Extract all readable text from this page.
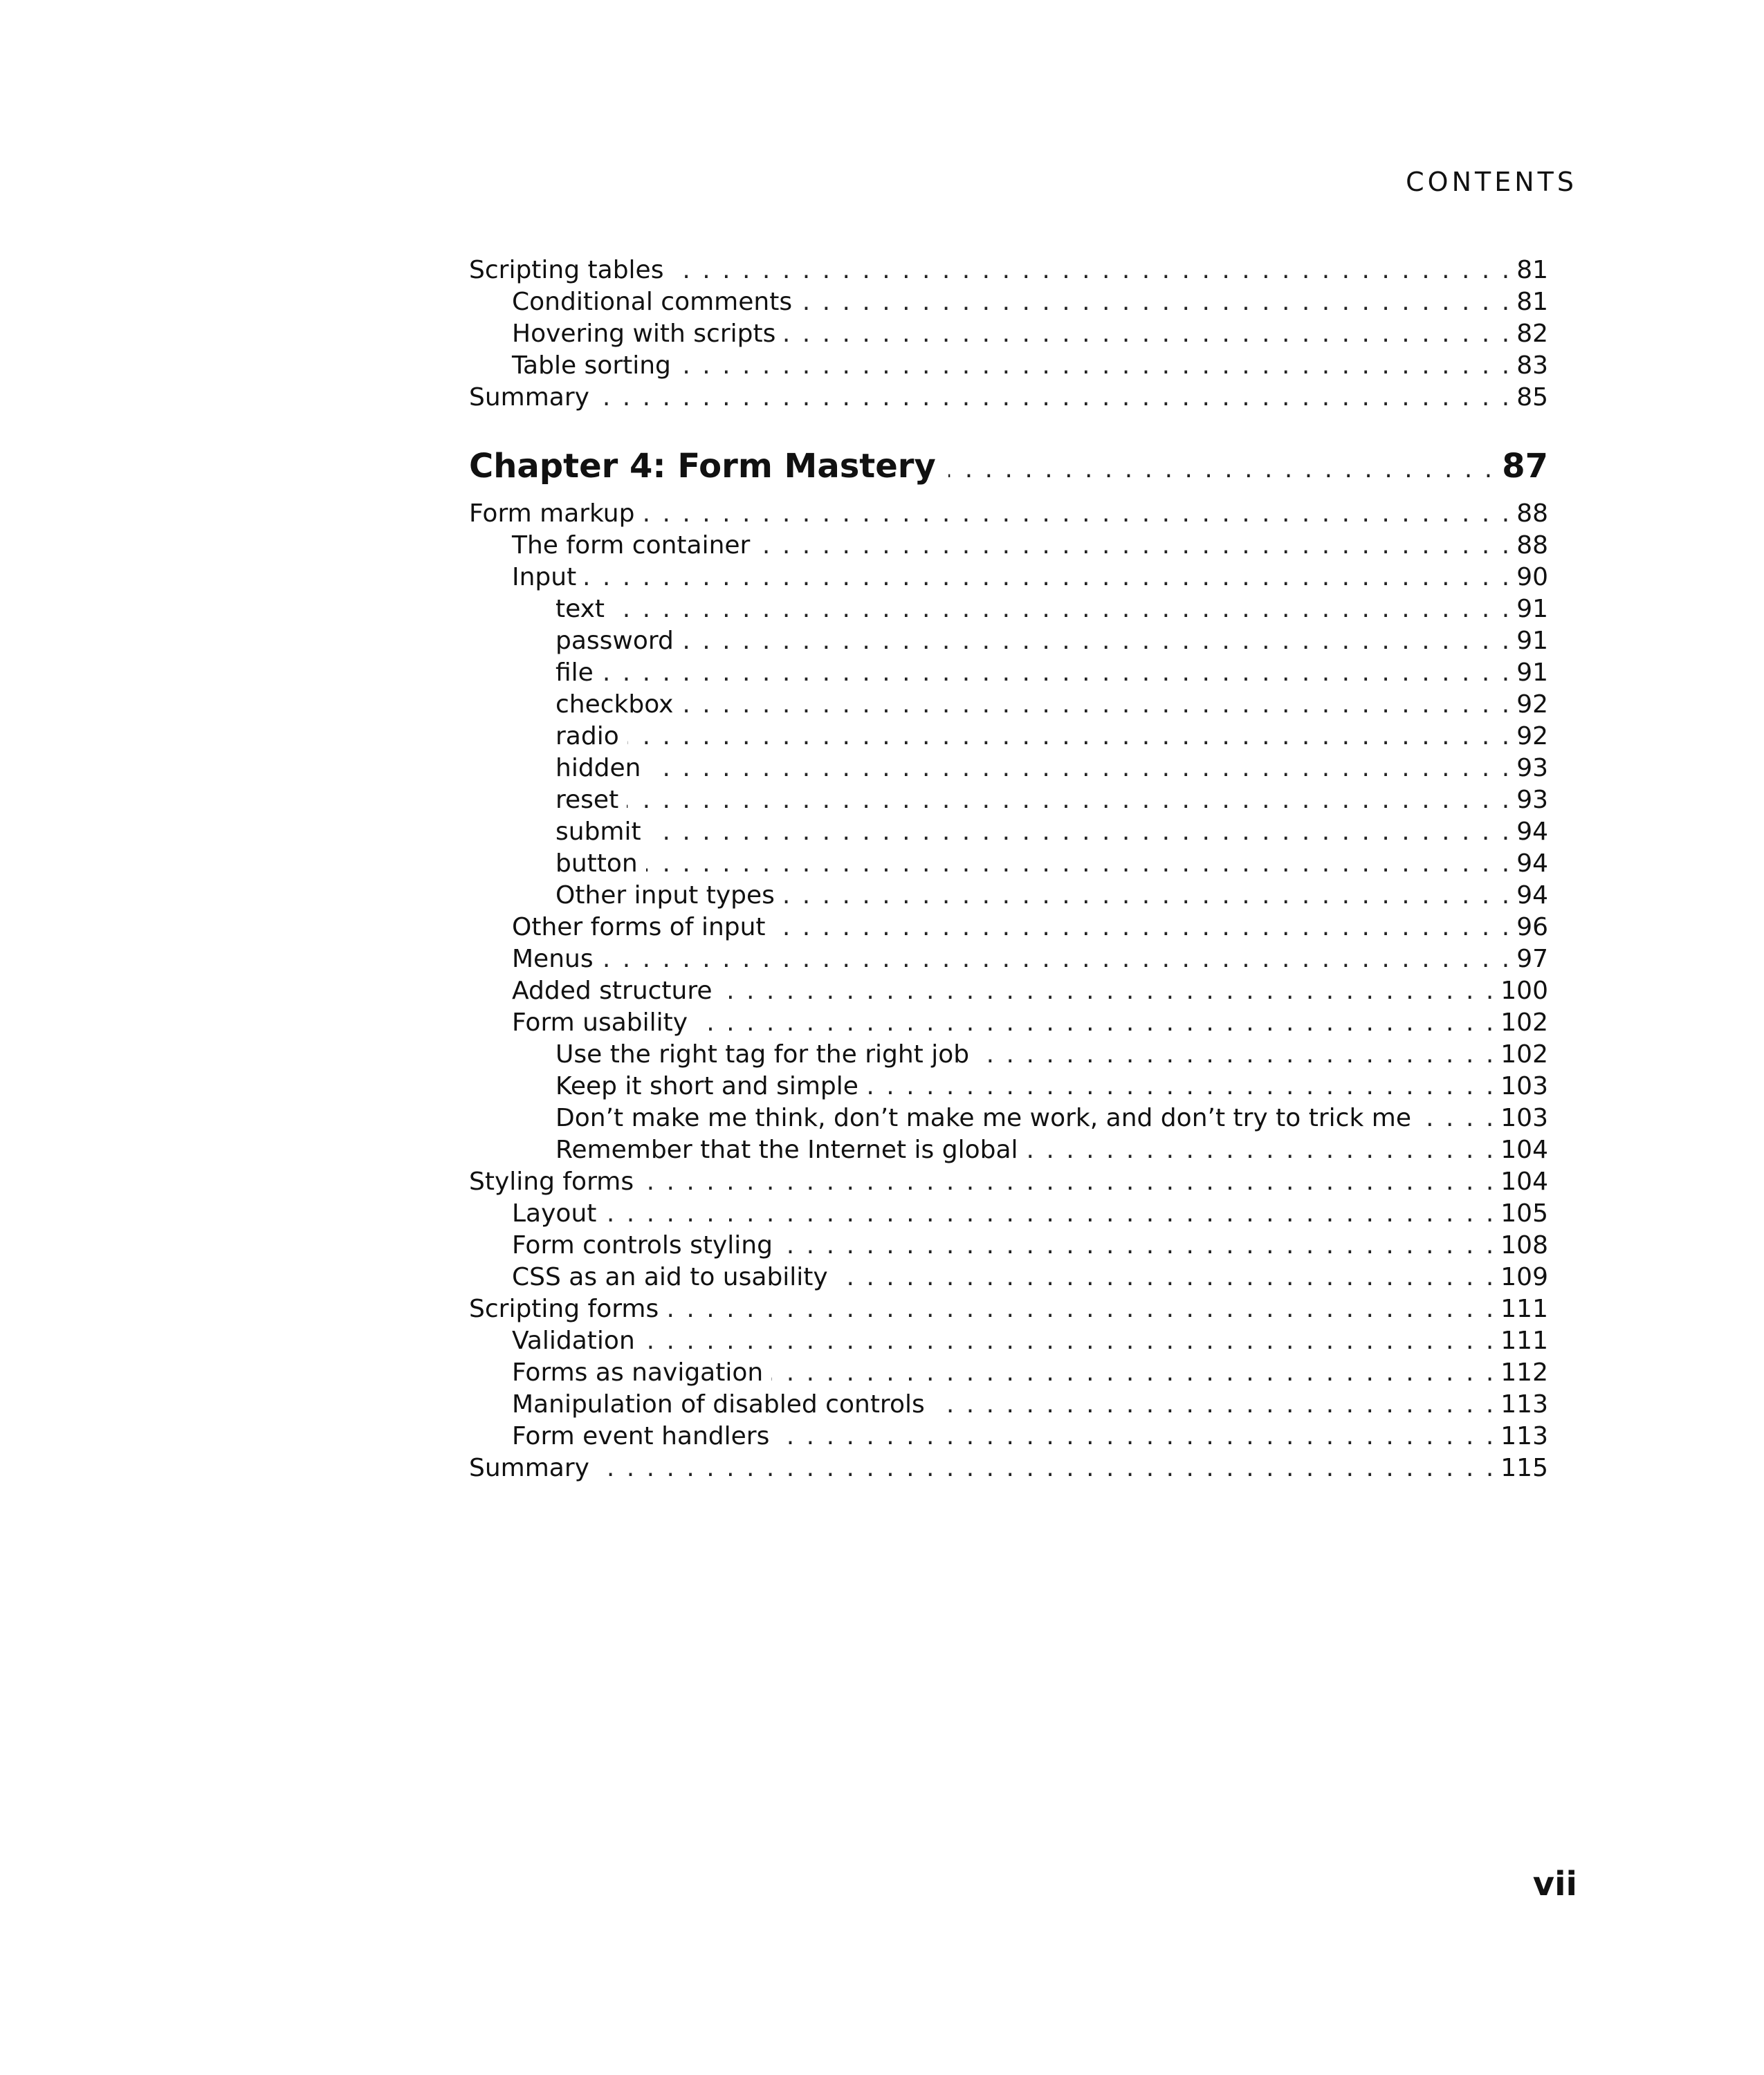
CONTENTS
Scripting tables . . .	81
Conditional comments . . .	81
Hovering with scripts . . .	82
Table sorting . . .	83
Summary . . .	85
Chapter 4: Form Mastery . . .	87
Form markup . . .	88
The form container . . .	88
Input . . .	90
text . . .	91
password . . .	91
file . . .	91
checkbox . . .	92
radio . . .	92
hidden . . .	93
reset . . .	93
submit . . .	94
button . . .	94
Other input types . . .	94
Other forms of input . . .	96
Menus . . .	97
Added structure . . .	100
Form usability . . .	102
Use the right tag for the right job . . .	102
Keep it short and simple . . .	103
Don’t make me think, don’t make me work, and don’t try to trick me . . .	103
Remember that the Internet is global . . .	104
Styling forms . . .	104
Layout . . .	105
Form controls styling . . .	108
CSS as an aid to usability . . .	109
Scripting forms . . .	111
Validation . . .	111
Forms as navigation . . .	112
Manipulation of disabled controls . . .	113
Form event handlers . . .	113
Summary . . .	115
vii
